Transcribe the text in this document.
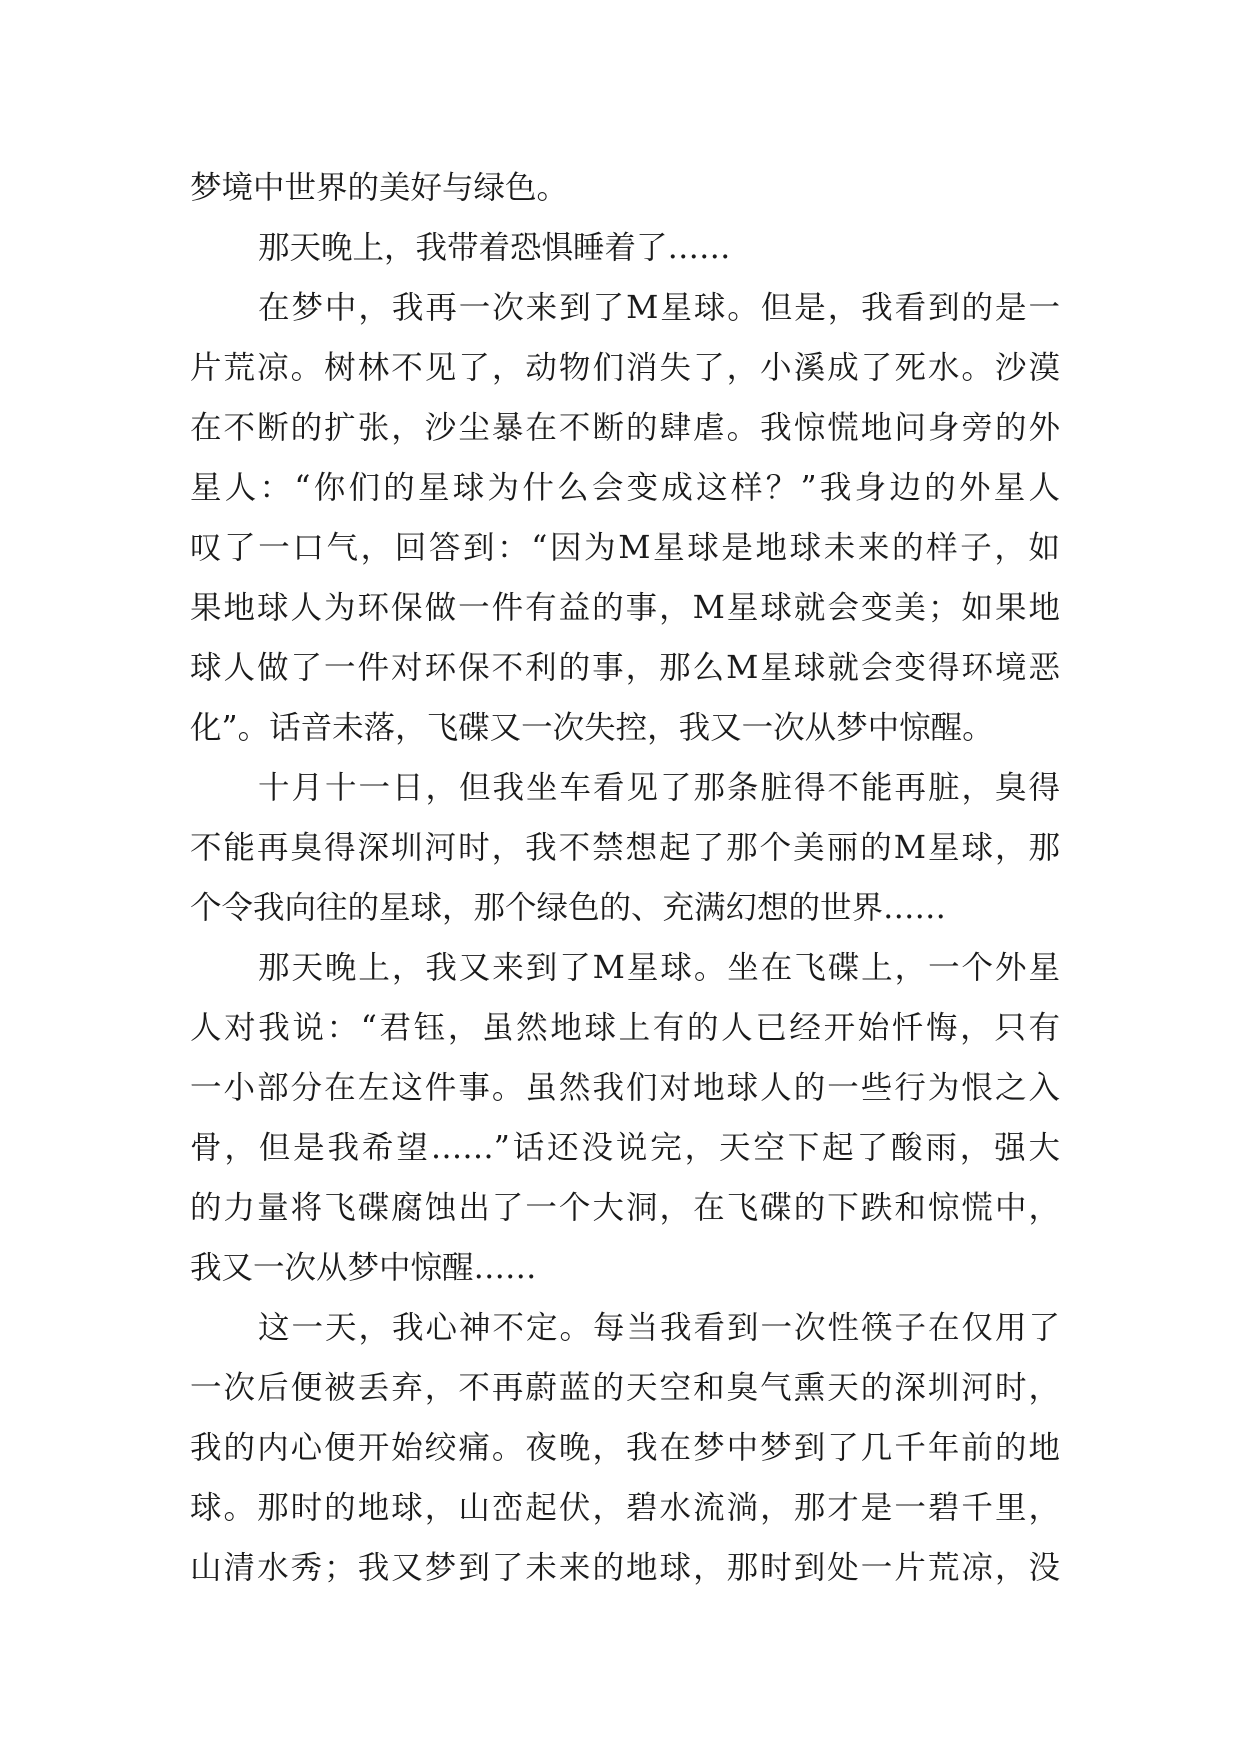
梦境中世界的美好与绿色。
那天晚上，我带着恐惧睡着了……
在梦中，我再一次来到了M星球。但是，我看到的是一
片荒凉。树林不见了，动物们消失了，小溪成了死水。沙漠
在不断的扩张，沙尘暴在不断的肆虐。我惊慌地问身旁的外
星人：“你们的星球为什么会变成这样？”我身边的外星人
叹了一口气，回答到：“因为M星球是地球未来的样子，如
果地球人为环保做一件有益的事，M星球就会变美；如果地
球人做了一件对环保不利的事，那么M星球就会变得环境恶
化”。话音未落，飞碟又一次失控，我又一次从梦中惊醒。
十月十一日，但我坐车看见了那条脏得不能再脏，臭得
不能再臭得深圳河时，我不禁想起了那个美丽的M星球，那
个令我向往的星球，那个绿色的、充满幻想的世界……
那天晚上，我又来到了M星球。坐在飞碟上，一个外星
人对我说：“君钰，虽然地球上有的人已经开始忏悔，只有
一小部分在左这件事。虽然我们对地球人的一些行为恨之入
骨，但是我希望……”话还没说完，天空下起了酸雨，强大
的力量将飞碟腐蚀出了一个大洞，在飞碟的下跌和惊慌中，
我又一次从梦中惊醒……
这一天，我心神不定。每当我看到一次性筷子在仅用了
一次后便被丢弃，不再蔚蓝的天空和臭气熏天的深圳河时，
我的内心便开始绞痛。夜晚，我在梦中梦到了几千年前的地
球。那时的地球，山峦起伏，碧水流淌，那才是一碧千里，
山清水秀；我又梦到了未来的地球，那时到处一片荒凉，没
